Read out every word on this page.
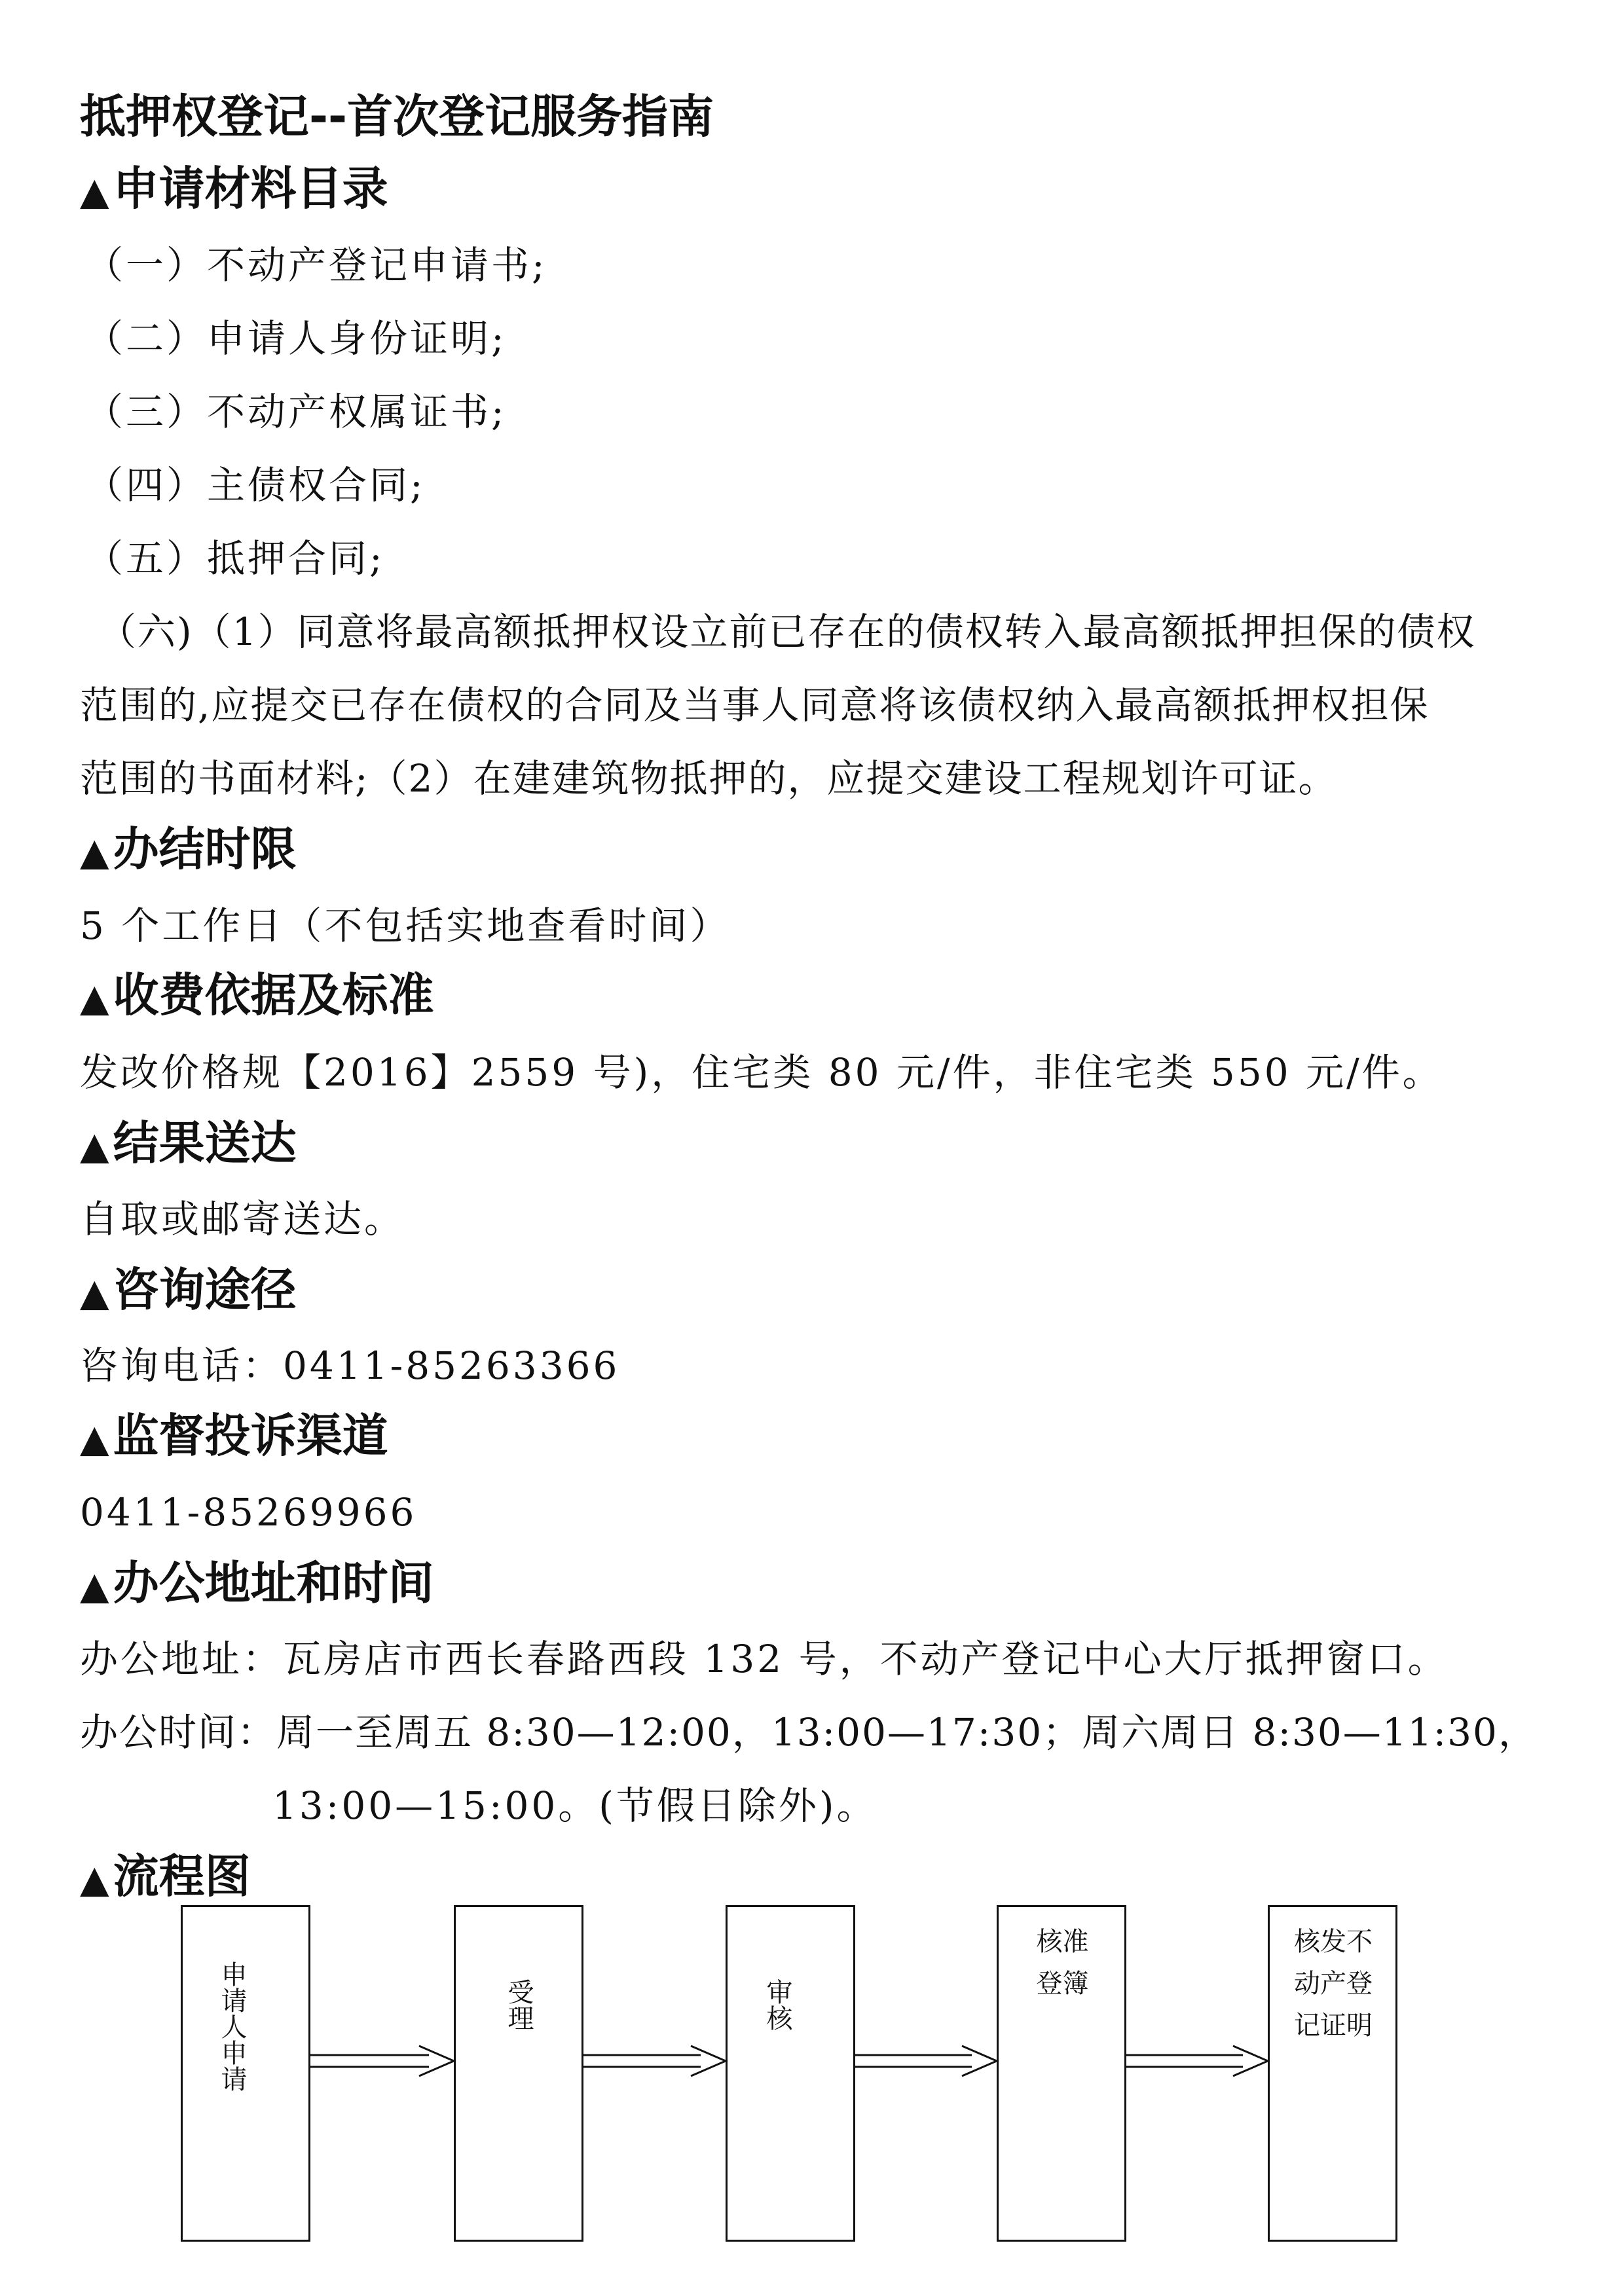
抵押权登记--首次登记服务指南
▲申请材料目录
（一）不动产登记申请书;
（二）申请人身份证明;
（三）不动产权属证书;
（四）主债权合同;
（五）抵押合同;
（六)（1）同意将最高额抵押权设立前已存在的债权转入最高额抵押担保的债权
范围的,应提交已存在债权的合同及当事人同意将该债权纳入最高额抵押权担保
范围的书面材料;（2）在建建筑物抵押的，应提交建设工程规划许可证。
▲办结时限
5 个工作日（不包括实地查看时间）
▲收费依据及标准
发改价格规【2016】2559 号)，住宅类 80 元/件，非住宅类 550 元/件。
▲结果送达
自取或邮寄送达。
▲咨询途径
咨询电话：0411-85263366
▲监督投诉渠道
0411-85269966
▲办公地址和时间
办公地址：瓦房店市西长春路西段 132 号，不动产登记中心大厅抵押窗口。
办公时间：周一至周五 8:30—12:00，13:00—17:30；周六周日 8:30—11:30，
13:00—15:00。(节假日除外)。
▲流程图
申请人申请	受理	审核
核准登簿
核发不动产登记证明
